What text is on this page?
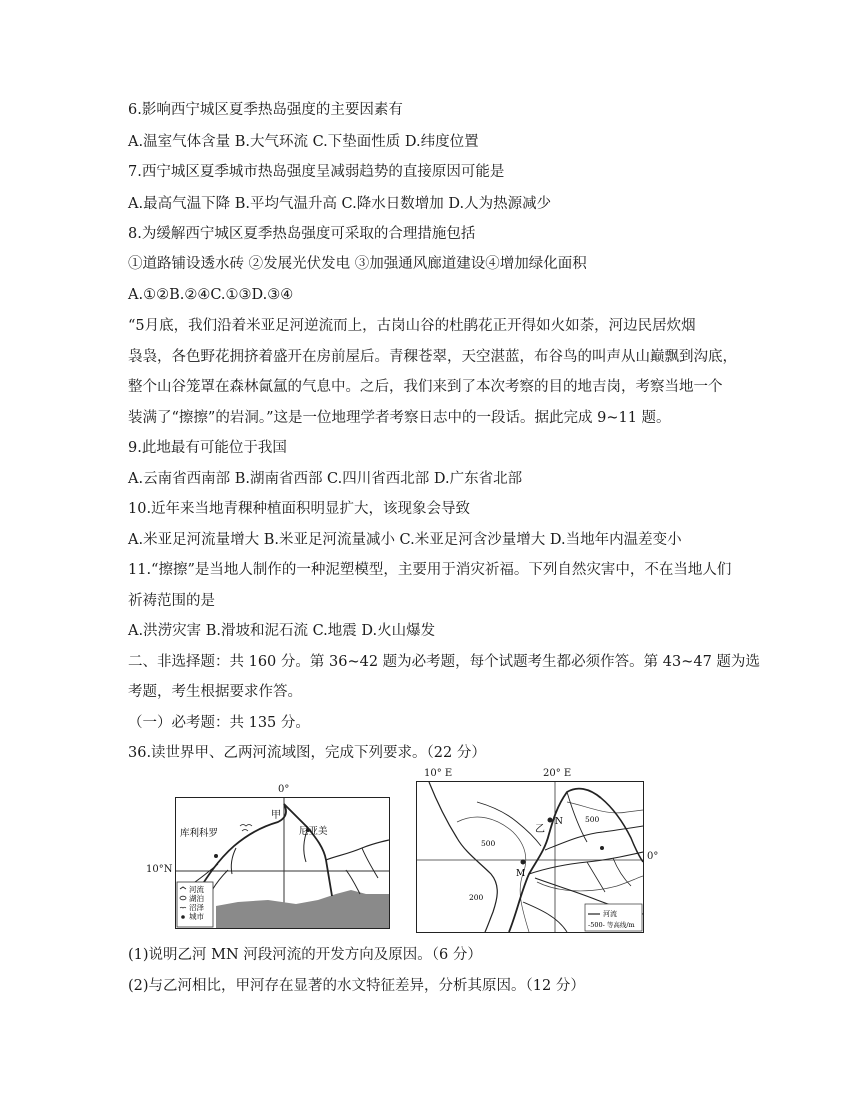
6.影响西宁城区夏季热岛强度的主要因素有

A.温室气体含量 B.大气环流 C.下垫面性质 D.纬度位置

7.西宁城区夏季城市热岛强度呈减弱趋势的直接原因可能是

A.最高气温下降 B.平均气温升高 C.降水日数增加 D.人为热源减少

8.为缓解西宁城区夏季热岛强度可采取的合理措施包括

①道路铺设透水砖 ②发展光伏发电 ③加强通风廊道建设④增加绿化面积

A.①②B.②④C.①③D.③④

“5月底，我们沿着米亚足河逆流而上，古岗山谷的杜鹃花正开得如火如荼，河边民居炊烟

袅袅，各色野花拥挤着盛开在房前屋后。青稞苍翠，天空湛蓝，布谷鸟的叫声从山巅飘到沟底，

整个山谷笼罩在森林氤氲的气息中。之后，我们来到了本次考察的目的地吉岗，考察当地一个

装满了“擦擦”的岩洞。”这是一位地理学者考察日志中的一段话。据此完成 9~11 题。

9.此地最有可能位于我国

A.云南省西南部 B.湖南省西部 C.四川省西北部 D.广东省北部

10.近年来当地青稞种植面积明显扩大，该现象会导致

A.米亚足河流量增大 B.米亚足河流量减小 C.米亚足河含沙量增大 D.当地年内温差变小

11.“擦擦”是当地人制作的一种泥塑模型，主要用于消灾祈福。下列自然灾害中，不在当地人们

祈祷范围的是

A.洪涝灾害 B.滑坡和泥石流 C.地震 D.火山爆发

二、非选择题：共 160 分。第 36~42 题为必考题，每个试题考生都必须作答。第 43~47 题为选

考题，考生根据要求作答。

（一）必考题：共 135 分。

36.读世界甲、乙两河流域图，完成下列要求。（22 分）

甲
库利科罗	尼亚美
河流
湖泊
沼泽
城市
0°
10°N
乙
N
M
500
500
200
河流
-500- 等高线/m
10° E	20° E
0°

(1)说明乙河 MN 河段河流的开发方向及原因。（6 分）

(2)与乙河相比，甲河存在显著的水文特征差异，分析其原因。（12 分）
